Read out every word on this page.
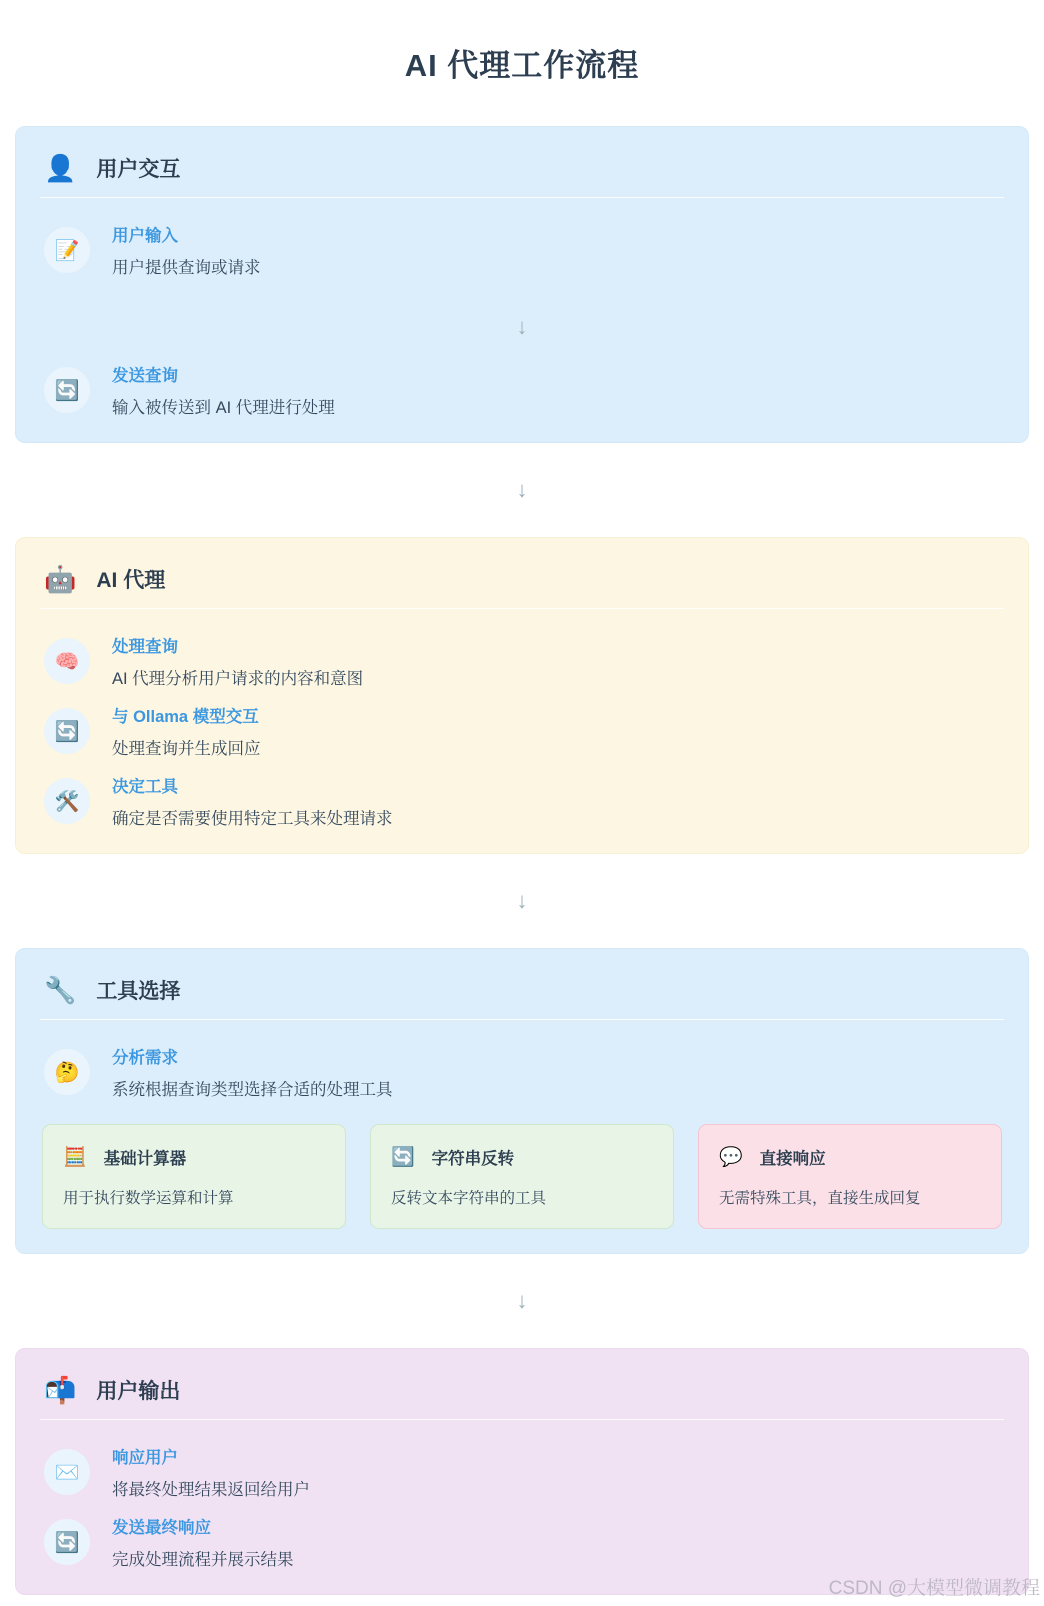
AI 代理工作流程
👤 用户交互
📝
用户输入
用户提供查询或请求
↓
🔄
发送查询
输入被传送到 AI 代理进行处理
↓
🤖 AI 代理
🧠
处理查询
AI 代理分析用户请求的内容和意图
🔄
与 Ollama 模型交互
处理查询并生成回应
🛠️
决定工具
确定是否需要使用特定工具来处理请求
↓
🔧 工具选择
🤔
分析需求
系统根据查询类型选择合适的处理工具
🧮 基础计算器
用于执行数学运算和计算
🔄 字符串反转
反转文本字符串的工具
💬 直接响应
无需特殊工具，直接生成回复
↓
📬 用户输出
✉️
响应用户
将最终处理结果返回给用户
🔄
发送最终响应
完成处理流程并展示结果
CSDN @大模型微调教程
